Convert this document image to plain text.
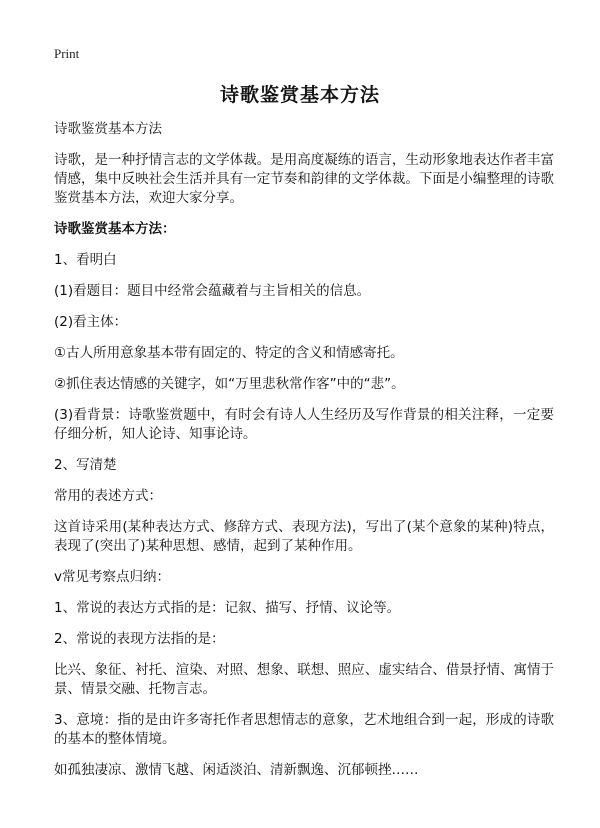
Print
诗歌鉴赏基本方法

诗歌鉴赏基本方法

诗歌，是一种抒情言志的文学体裁。是用高度凝练的语言，生动形象地表达作者丰富情感，集中反映社会生活并具有一定节奏和韵律的文学体裁。下面是小编整理的诗歌鉴赏基本方法，欢迎大家分享。

诗歌鉴赏基本方法：

1、看明白

(1)看题目：题目中经常会蕴藏着与主旨相关的信息。

(2)看主体：

①古人所用意象基本带有固定的、特定的含义和情感寄托。

②抓住表达情感的关键字，如“万里悲秋常作客”中的“悲”。

(3)看背景：诗歌鉴赏题中，有时会有诗人人生经历及写作背景的相关注释，一定要仔细分析，知人论诗、知事论诗。

2、写清楚

常用的表述方式：

这首诗采用(某种表达方式、修辞方式、表现方法)，写出了(某个意象的某种)特点，表现了(突出了)某种思想、感情，起到了某种作用。

v常见考察点归纳：

1、常说的表达方式指的是：记叙、描写、抒情、议论等。

2、常说的表现方法指的是：

比兴、象征、衬托、渲染、对照、想象、联想、照应、虚实结合、借景抒情、寓情于景、情景交融、托物言志。

3、意境：指的是由许多寄托作者思想情志的意象，艺术地组合到一起，形成的诗歌的基本的整体情境。

如孤独凄凉、激情飞越、闲适淡泊、清新飘逸、沉郁顿挫……
